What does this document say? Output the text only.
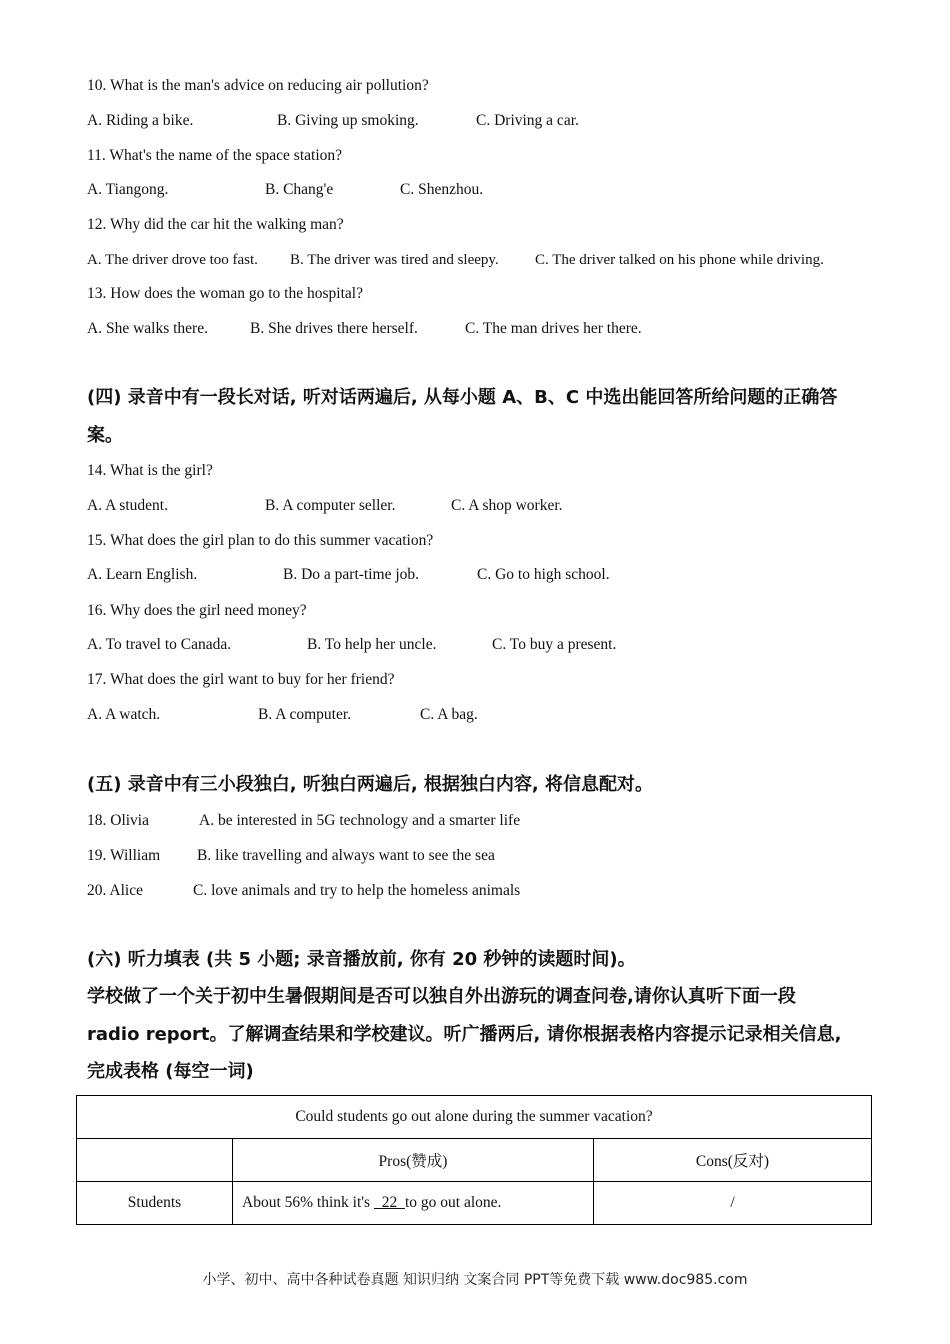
10. What is the man's advice on reducing air pollution?
A. Riding a bike.	B. Giving up smoking.	C. Driving a car.
11. What's the name of the space station?
A. Tiangong.	B. Chang'e	C. Shenzhou.
12. Why did the car hit the walking man?
A. The driver drove too fast. B. The driver was tired and sleepy. C. The driver talked on his phone while driving.
13. How does the woman go to the hospital?
A. She walks there.	B. She drives there herself.	C. The man drives her there.
(四) 录音中有一段长对话, 听对话两遍后, 从每小题 A、B、C 中选出能回答所给问题的正确答
案。
14. What is the girl?
A. A student.	B. A computer seller.	C. A shop worker.
15. What does the girl plan to do this summer vacation?
A. Learn English.	B. Do a part-time job.	C. Go to high school.
16. Why does the girl need money?
A. To travel to Canada.	B. To help her uncle.	C. To buy a present.
17. What does the girl want to buy for her friend?
A. A watch.	B. A computer.	C. A bag.
(五) 录音中有三小段独白, 听独白两遍后, 根据独白内容, 将信息配对。
18. Olivia	A. be interested in 5G technology and a smarter life
19. William B. like travelling and always want to see the sea
20. Alice	C. love animals and try to help the homeless animals
(六) 听力填表 (共 5 小题; 录音播放前, 你有 20 秒钟的读题时间)。
学校做了一个关于初中生暑假期间是否可以独自外出游玩的调查问卷,请你认真听下面一段
radio report。了解调查结果和学校建议。听广播两后, 请你根据表格内容提示记录相关信息,
完成表格 (每空一词)
Could students go out alone during the summer vacation?		
	Pros(赞成)	Cons(反对)
Students	About 56% think it's   22  to go out alone.	/
小学、初中、高中各种试卷真题 知识归纳 文案合同 PPT等免费下载 www.doc985.com
